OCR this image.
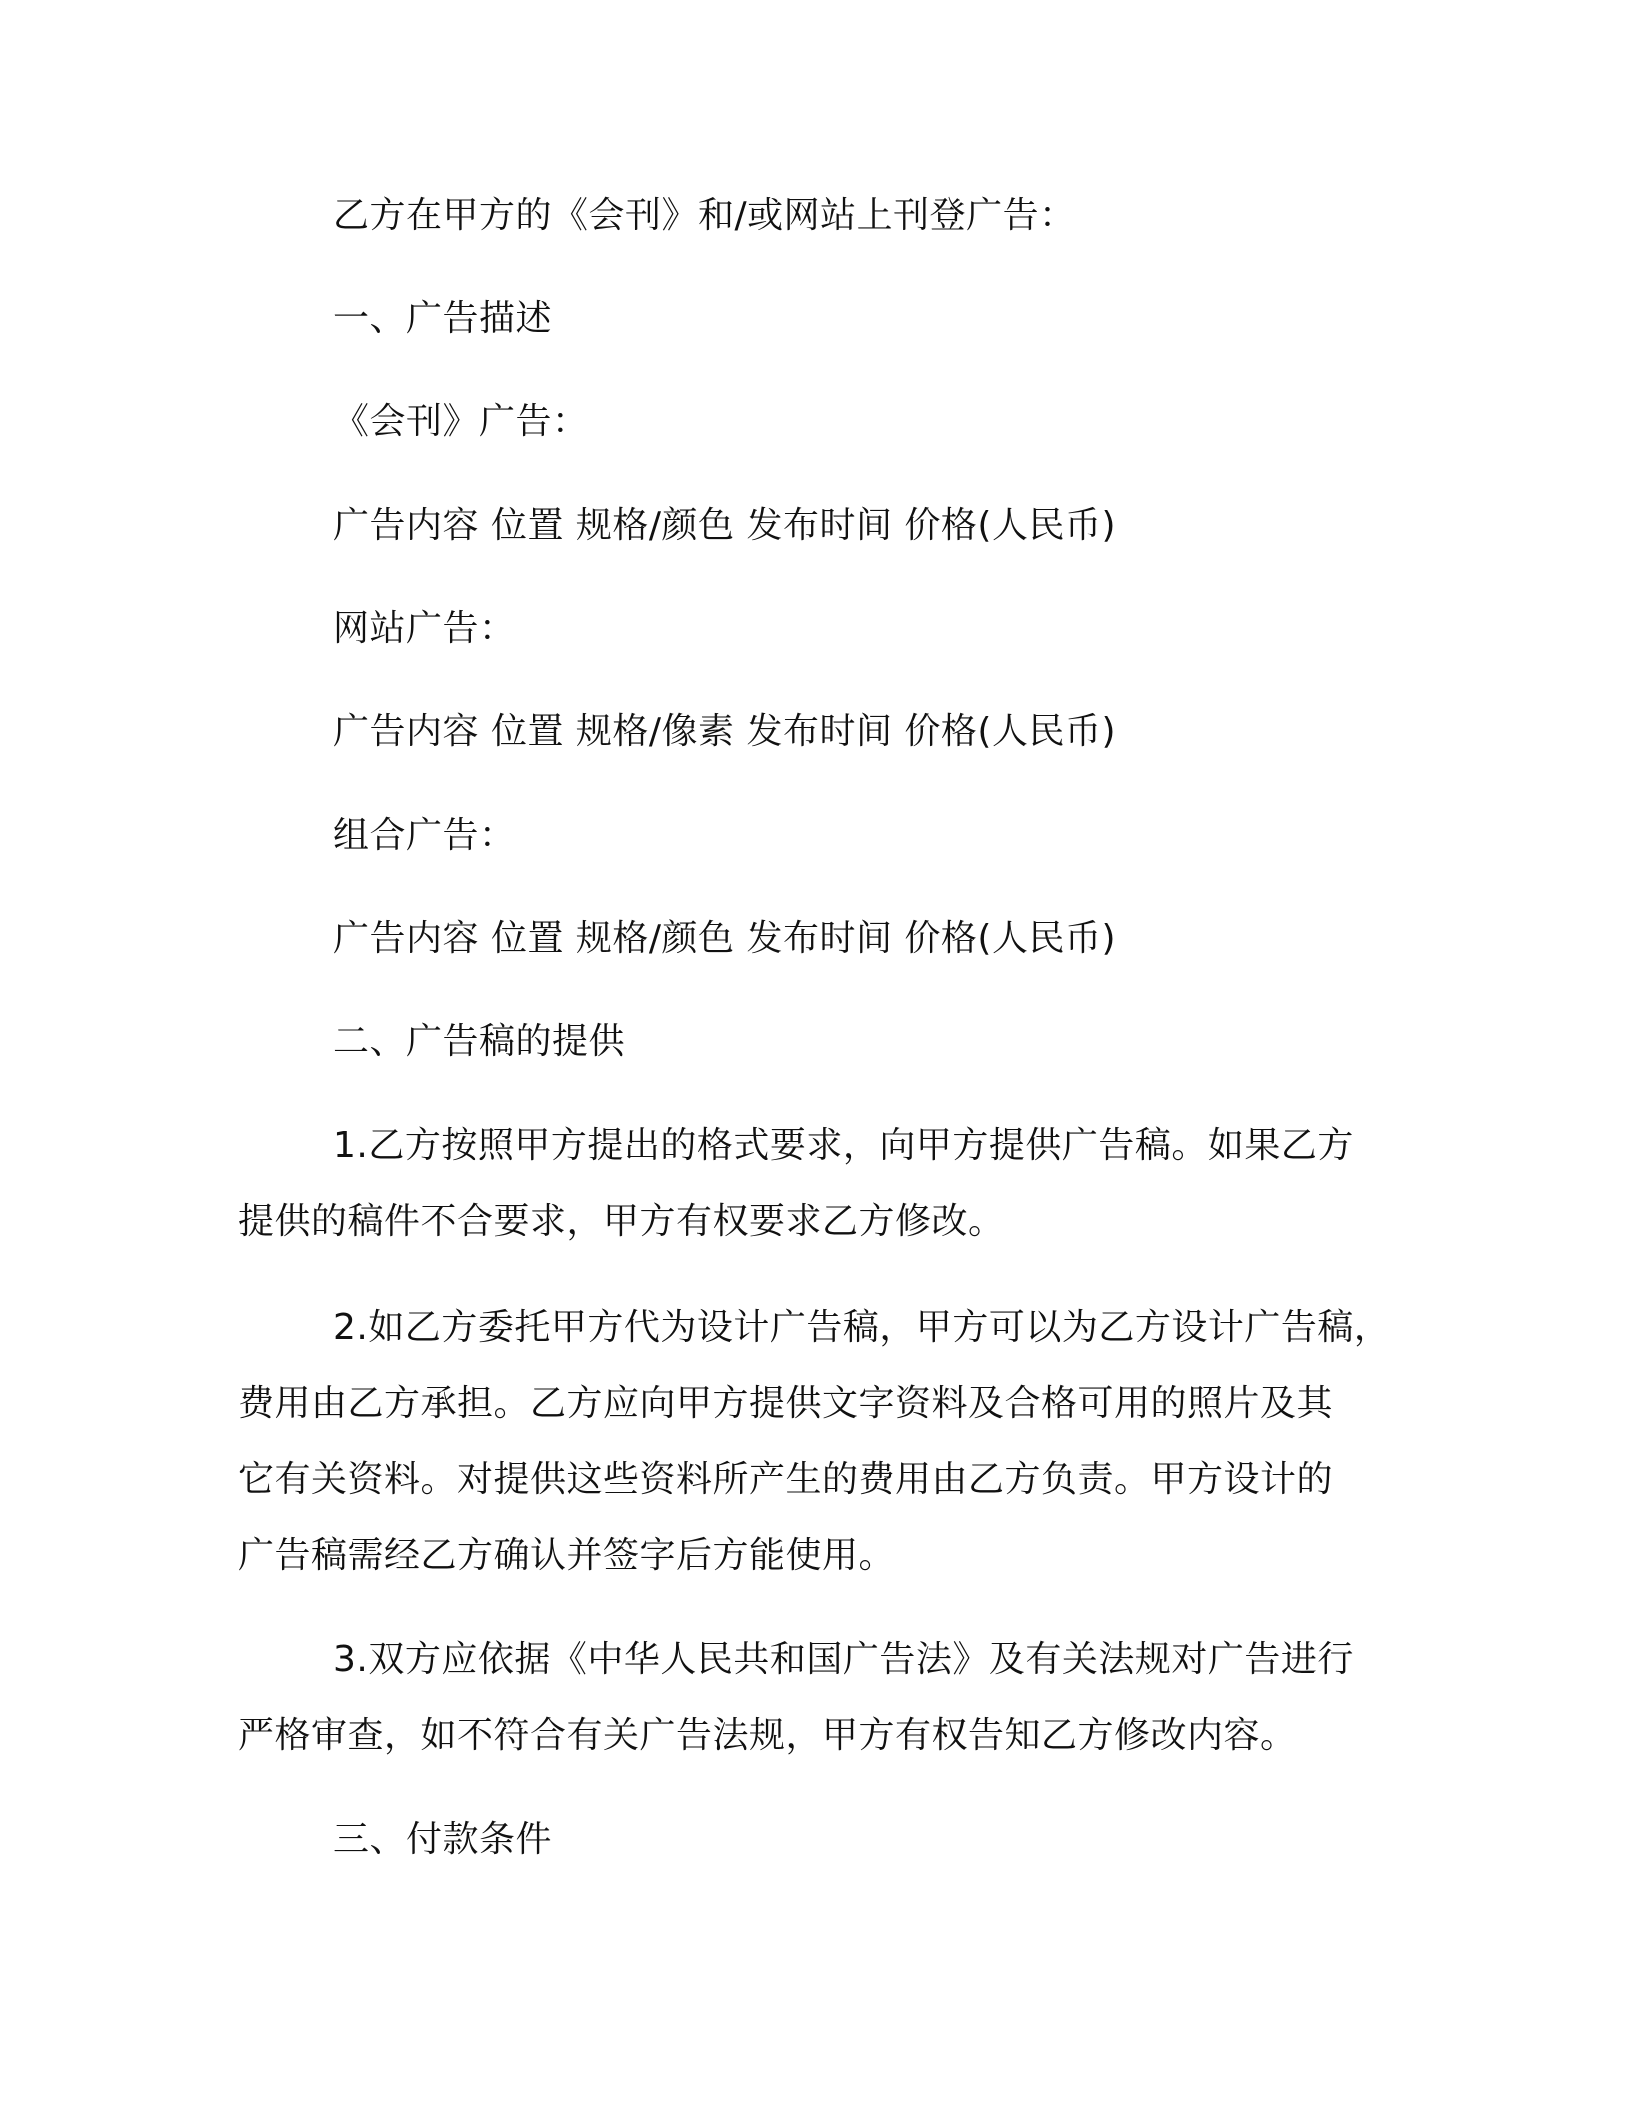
乙方在甲方的《会刊》和/或网站上刊登广告：
一、广告描述
《会刊》广告：
广告内容 位置 规格/颜色 发布时间 价格(人民币)
网站广告：
广告内容 位置 规格/像素 发布时间 价格(人民币)
组合广告：
广告内容 位置 规格/颜色 发布时间 价格(人民币)
二、广告稿的提供
1.乙方按照甲方提出的格式要求，向甲方提供广告稿。如果乙方
提供的稿件不合要求，甲方有权要求乙方修改。
2.如乙方委托甲方代为设计广告稿，甲方可以为乙方设计广告稿，
费用由乙方承担。乙方应向甲方提供文字资料及合格可用的照片及其
它有关资料。对提供这些资料所产生的费用由乙方负责。甲方设计的
广告稿需经乙方确认并签字后方能使用。
3.双方应依据《中华人民共和国广告法》及有关法规对广告进行
严格审查，如不符合有关广告法规，甲方有权告知乙方修改内容。
三、付款条件
